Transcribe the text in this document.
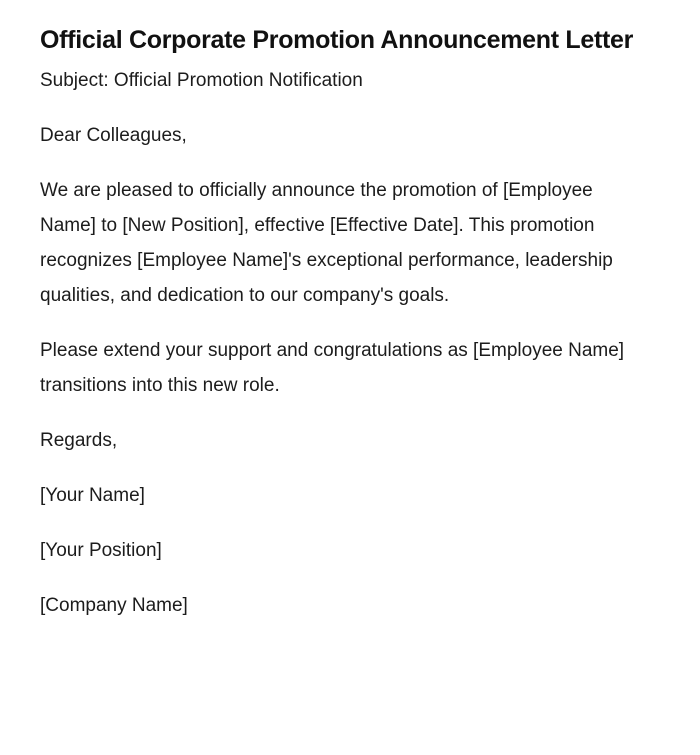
Official Corporate Promotion Announcement Letter

Subject: Official Promotion Notification

Dear Colleagues,

We are pleased to officially announce the promotion of [Employee Name] to [New Position], effective [Effective Date]. This promotion recognizes [Employee Name]'s exceptional performance, leadership qualities, and dedication to our company's goals.

Please extend your support and congratulations as [Employee Name] transitions into this new role.

Regards,

[Your Name]

[Your Position]

[Company Name]
